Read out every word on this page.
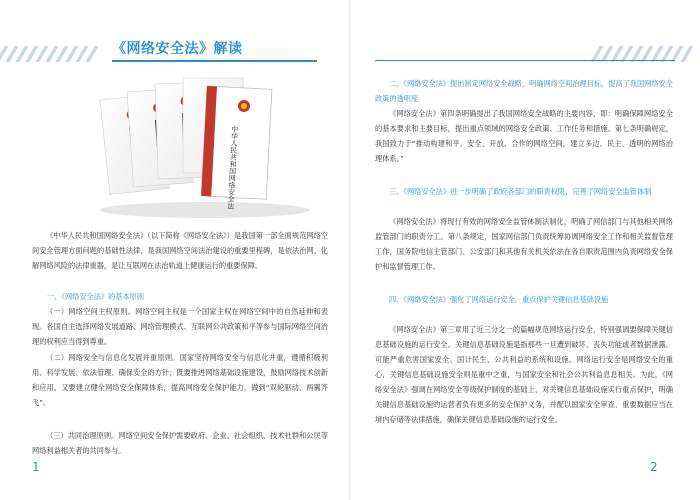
《网络安全法》解读
中华人民共和国网络安全法
《中华人民共和国网络安全法》（以下简称《网络安全法》）是我国第一部全面规范网络空间安全管理方面问题的基础性法律，是我国网络空间法治建设的重要里程碑，是依法治网、化解网络风险的法律重器，是让互联网在法治轨道上健康运行的重要保障。
一、《网络安全法》的基本原则
（一）网络空间主权原则。网络空间主权是一个国家主权在网络空间中的自然延伸和表现。各国自主选择网络发展道路、网络管理模式、互联网公共政策和平等参与国际网络空间治理的权利应当得到尊重。
（二）网络安全与信息化发展并重原则。国家坚持网络安全与信息化并重，遵循积极利用、科学发展、依法管理、确保安全的方针；既要推进网络基础设施建设，鼓励网络技术创新和应用，又要建立健全网络安全保障体系，提高网络安全保护能力，做到“双轮驱动、两翼齐飞”。
（三）共同治理原则。网络空间安全保护需要政府、企业、社会组织、技术社群和公民等网络利益相关者的共同参与。
1
二、《网络安全法》提出制定网络安全战略，明确网络空间治理目标，提高了我国网络安全政策的透明度
《网络安全法》第四条明确提出了我国网络安全战略的主要内容，即：明确保障网络安全的基本要求和主要目标，提出重点领域的网络安全政策、工作任务和措施。第七条明确规定，我国致力于“推动构建和平、安全、开放、合作的网络空间，建立多边、民主、透明的网络治理体系。”
三、《网络安全法》进一步明确了政府各部门的职责权限，完善了网络安全监管体制
《网络安全法》将现行有效的网络安全监管体制法制化，明确了网信部门与其他相关网络监管部门的职责分工。第八条规定，国家网信部门负责统筹协调网络安全工作和相关监督管理工作，国务院电信主管部门、公安部门和其他有关机关依法在各自职责范围内负责网络安全保护和监督管理工作。
四、《网络安全法》强化了网络运行安全，重点保护关键信息基础设施
《网络安全法》第三章用了近三分之一的篇幅规范网络运行安全，特别强调要保障关键信息基础设施的运行安全。关键信息基础设施是指那些一旦遭到破坏、丧失功能或者数据泄露，可能严重危害国家安全、国计民生、公共利益的系统和设施。网络运行安全是网络安全的重心，关键信息基础设施安全则是重中之重，与国家安全和社会公共利益息息相关。为此，《网络安全法》强调在网络安全等级保护制度的基础上，对关键信息基础设施实行重点保护，明确关键信息基础设施的运营者负有更多的安全保护义务，并配以国家安全审查、重要数据应当在境内存储等法律措施，确保关键信息基础设施的运行安全。
2
